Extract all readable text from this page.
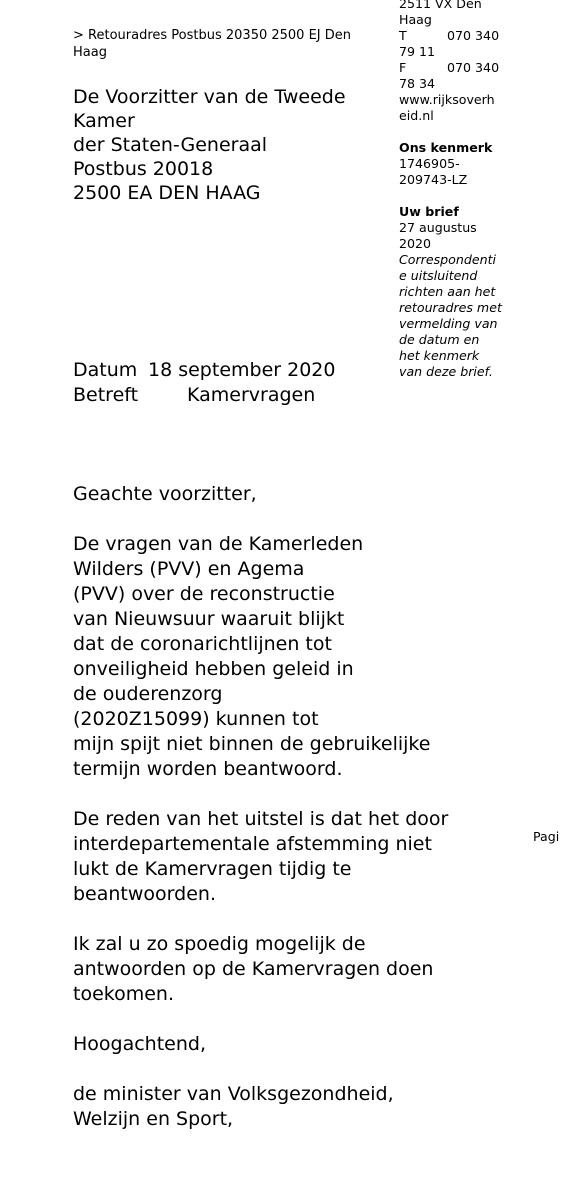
> Retouradres Postbus 20350 2500 EJ Den
Haag
De Voorzitter van de Tweede
Kamer
der Staten-Generaal
Postbus 20018
2500 EA DEN HAAG
2511 VX Den
Haag
T	070 340
79 11
F	070 340
78 34
www.rijksoverh
eid.nl
Ons kenmerk
1746905-
209743-LZ
Uw brief
27 augustus
2020
Correspondenti
e uitsluitend
richten aan het
retouradres met
vermelding van
de datum en
het kenmerk
van deze brief.
Datum 18 september 2020
Betreft	Kamervragen

Geachte voorzitter,

De vragen van de Kamerleden
Wilders (PVV) en Agema
(PVV) over de reconstructie
van Nieuwsuur waaruit blijkt
dat de coronarichtlijnen tot
onveiligheid hebben geleid in
de ouderenzorg
(2020Z15099) kunnen tot
mijn spijt niet binnen de gebruikelijke
termijn worden beantwoord.

De reden van het uitstel is dat het door
interdepartementale afstemming niet
lukt de Kamervragen tijdig te
beantwoorden.

Ik zal u zo spoedig mogelijk de
antwoorden op de Kamervragen doen
toekomen.

Hoogachtend,

de minister van Volksgezondheid,
Welzijn en Sport,

Pagi
